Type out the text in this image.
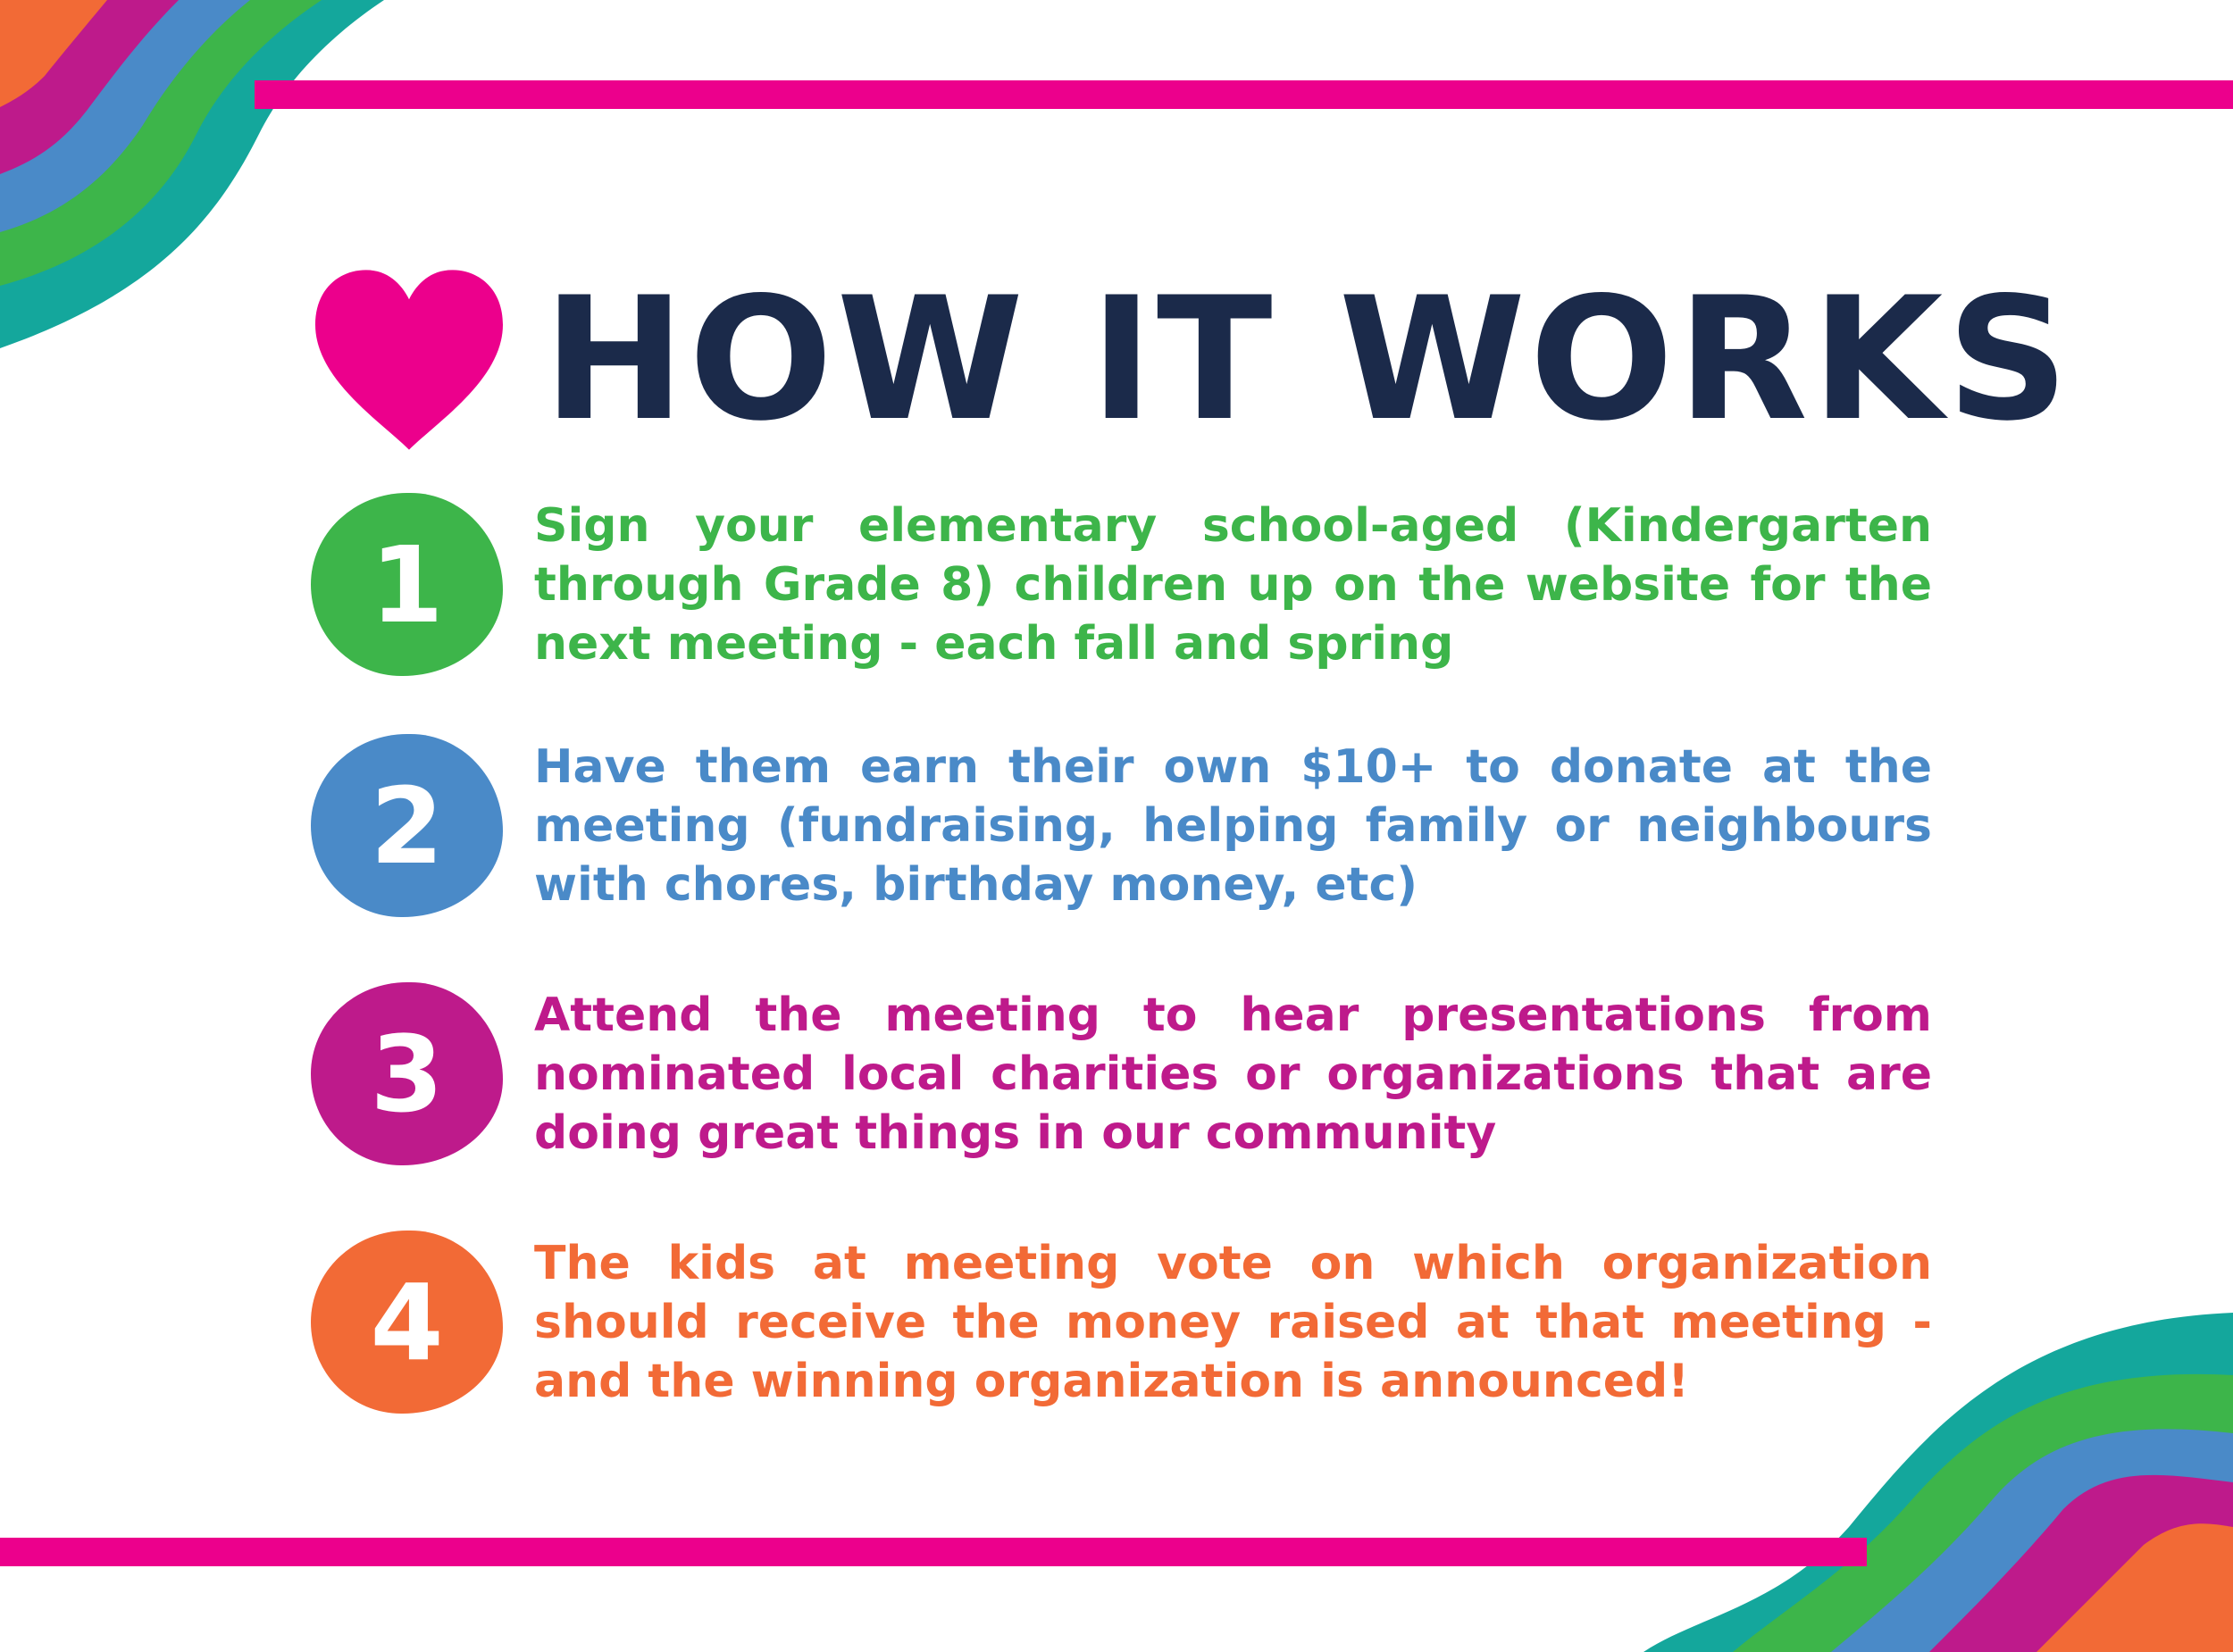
HOW IT WORKS
1 Sign your elementary school-aged (Kindergarten through Grade 8) children up on the website for the next meeting - each fall and spring
2 Have them earn their own $10+ to donate at the meeting (fundraising, helping family or neighbours with chores, birthday money, etc)
3 Attend the meeting to hear presentations from nominated local charities or organizations that are doing great things in our community
4 The kids at meeting vote on which organization should receive the money raised at that meeting - and the winning organization is announced!
